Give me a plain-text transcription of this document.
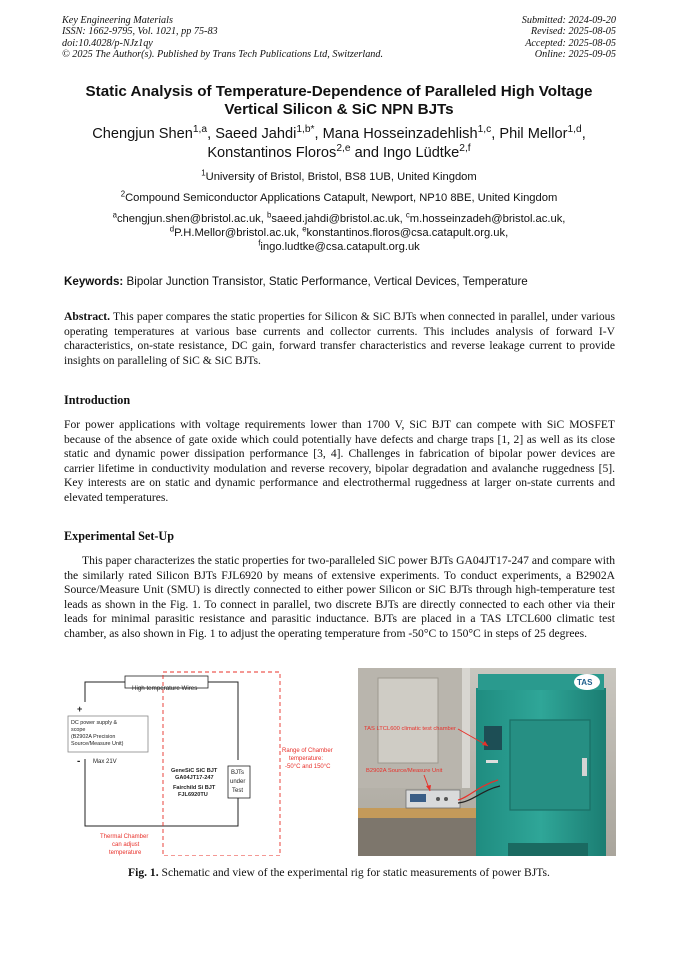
Key Engineering Materials
ISSN: 1662-9795, Vol. 1021, pp 75-83
doi:10.4028/p-NJz1qy
© 2025 The Author(s). Published by Trans Tech Publications Ltd, Switzerland.
Submitted: 2024-09-20
Revised: 2025-08-05
Accepted: 2025-08-05
Online: 2025-09-05
Static Analysis of Temperature-Dependence of Paralleled High Voltage
Vertical Silicon & SiC NPN BJTs
Chengjun Shen$^{1,a}$, Saeed Jahdi$^{1,b*}$, Mana Hosseinzadehlish$^{1,c}$, Phil Mellor$^{1,d}$,
Konstantinos Floros$^{2,e}$ and Ingo Lüdtke$^{2,f}$
$^1$University of Bristol, Bristol, BS8 1UB, United Kingdom
$^2$Compound Semiconductor Applications Catapult, Newport, NP10 8BE, United Kingdom
$^a$chengjun.shen@bristol.ac.uk, $^b$saeed.jahdi@bristol.ac.uk, $^c$m.hosseinzadeh@bristol.ac.uk,
$^d$P.H.Mellor@bristol.ac.uk, $^e$konstantinos.floros@csa.catapult.org.uk,
$^f$ingo.ludtke@csa.catapult.org.uk
Keywords: Bipolar Junction Transistor, Static Performance, Vertical Devices, Temperature
Abstract. This paper compares the static properties for Silicon & SiC BJTs when connected in parallel, under various operating temperatures at various base currents and collector currents. This includes analysis of forward I-V characteristics, on-state resistance, DC gain, forward transfer characteristics and reverse leakage current to provide insights on paralleling of SiC & SiC BJTs.
Introduction
For power applications with voltage requirements lower than 1700 V, SiC BJT can compete with SiC MOSFET because of the absence of gate oxide which could potentially have defects and charge traps [1, 2] as well as its close static and dynamic power dissipation performance [3, 4]. Challenges in fabrication of bipolar power devices are carrier lifetime in conductivity modulation and reverse recovery, bipolar degradation and avalanche ruggedness [5]. Key interests are on static and dynamic performance and electrothermal ruggedness at larger on-state currents and elevated temperatures.
Experimental Set-Up
This paper characterizes the static properties for two-paralleled SiC power BJTs GA04JT17-247 and compare with the similarly rated Silicon BJTs FJL6920 by means of extensive experiments. To conduct experiments, a B2902A Source/Measure Unit (SMU) is directly connected to either power Silicon or SiC BJTs through high-temperature test leads as shown in the Fig. 1. To connect in parallel, two discrete BJTs are directly connected to each other via their leads for minimal parasitic resistance and parasitic inductance. BJTs are placed in a TAS LTCL600 climatic test chamber, as also shown in Fig. 1 to adjust the operating temperature from -50°C to 150°C in steps of 25 degrees.
High temperature Wires
+
-
DC power supply &
scope
(B2902A Precision
Source/Measure Unit)
Max 21V
GeneSiC SiC BJT
GA04JT17-247
Fairchild Si BJT
FJL6920TU
BJTs
under
Test
Range of Chamber
temperature:
-50°C and 150°C
Thermal Chamber
can adjust
temperature
TAS
TAS LTCL600 climatic test chamber
B2902A Source/Measure Unit
Fig. 1. Schematic and view of the experimental rig for static measurements of power BJTs.
